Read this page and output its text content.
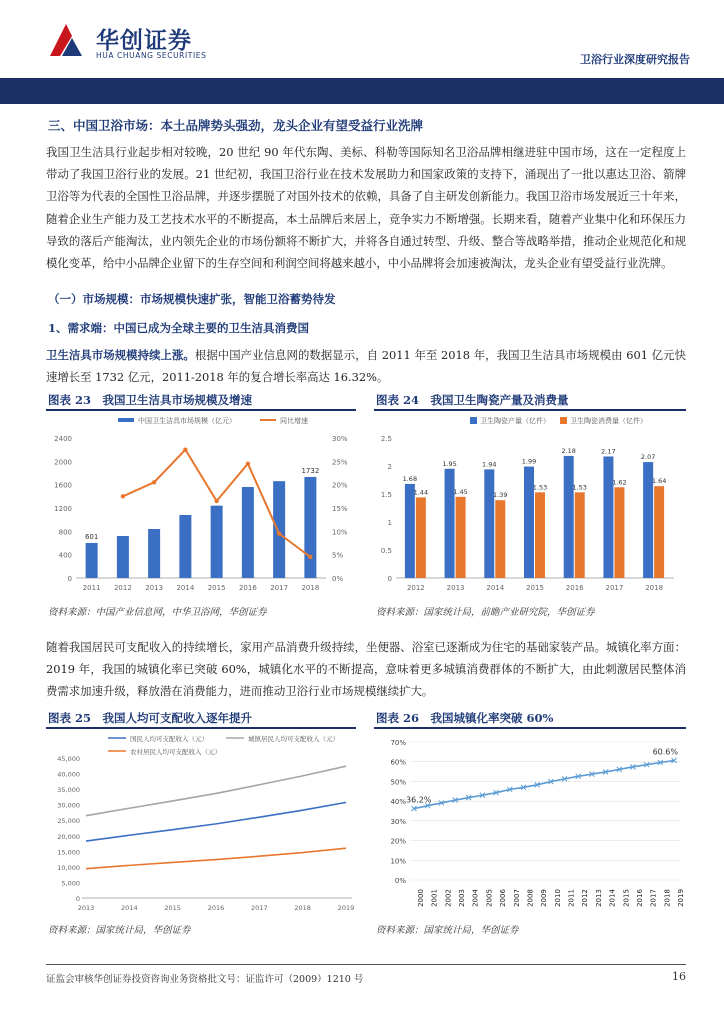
华创证券
HUA CHUANG SECURITIES	卫浴行业深度研究报告
三、中国卫浴市场：本土品牌势头强劲，龙头企业有望受益行业洗牌
我国卫生洁具行业起步相对较晚，20 世纪 90 年代东陶、美标、科勒等国际知名卫浴品牌相继进驻中国市场，这在一定程度上带动了我国卫浴行业的发展。21 世纪初，我国卫浴行业在技术发展助力和国家政策的支持下，涌现出了一批以惠达卫浴、箭牌卫浴等为代表的全国性卫浴品牌，并逐步摆脱了对国外技术的依赖，具备了自主研发创新能力。我国卫浴市场发展近三十年来，随着企业生产能力及工艺技术水平的不断提高，本土品牌后来居上，竞争实力不断增强。长期来看，随着产业集中化和环保压力导致的落后产能淘汰，业内领先企业的市场份额将不断扩大，并将各自通过转型、升级、整合等战略举措，推动企业规范化和规模化变革，给中小品牌企业留下的生存空间和利润空间将越来越小，中小品牌将会加速被淘汰，龙头企业有望受益行业洗牌。
（一）市场规模：市场规模快速扩张，智能卫浴蓄势待发
1、需求端：中国已成为全球主要的卫生洁具消费国
卫生洁具市场规模持续上涨。根据中国产业信息网的数据显示，自 2011 年至 2018 年，我国卫生洁具市场规模由 601 亿元快速增长至 1732 亿元，2011-2018 年的复合增长率高达 16.32%。
图表 23　我国卫生洁具市场规模及增速
中国卫生洁具市场规模（亿元）	同比增速
0
400
800
1200
1600
2000
2400
0%
5%
10%
15%
20%
25%
30%
2011 2012 2013 2014 2015 2016 2017 2018
601
1732
资料来源：中国产业信息网，中华卫浴网，华创证券
图表 24　我国卫生陶瓷产量及消费量
卫生陶瓷产量（亿件）	卫生陶瓷消费量（亿件）
0
0.5
1
1.5
2
2.5
1.68
1.44
2012
1.95
1.45
2013
1.94
1.39
2014
1.99
1.53
2015
2.18
1.53
2016
2.17
1.62
2017
2.07
1.64
2018
资料来源：国家统计局，前瞻产业研究院，华创证券
随着我国居民可支配收入的持续增长，家用产品消费升级持续，坐便器、浴室已逐渐成为住宅的基础家装产品。城镇化率方面：2019 年，我国的城镇化率已突破 60%，城镇化水平的不断提高，意味着更多城镇消费群体的不断扩大，由此刺激居民整体消费需求加速升级，释放潜在消费能力，进而推动卫浴行业市场规模继续扩大。
图表 25　我国人均可支配收入逐年提升
国民人均可支配收入（元）	城镇居民人均可支配收入（元）
农村居民人均可支配收入（元）
0
5,000
10,000
15,000
20,000
25,000
30,000
35,000
40,000
45,000
2013	2014	2015	2016	2017	2018	2019
资料来源：国家统计局，华创证券
图表 26　我国城镇化率突破 60%
0%
10%
20%
30%
40%
50%
60%
70%
2000 2001 2002 2003 2004 2005 2006 2007 2008 2009 2010 2011 2012 2013 2014 2015 2016 2017 2018 2019
36.2%
60.6%
资料来源：国家统计局，华创证券
证监会审核华创证券投资咨询业务资格批文号：证监许可（2009）1210 号	16
